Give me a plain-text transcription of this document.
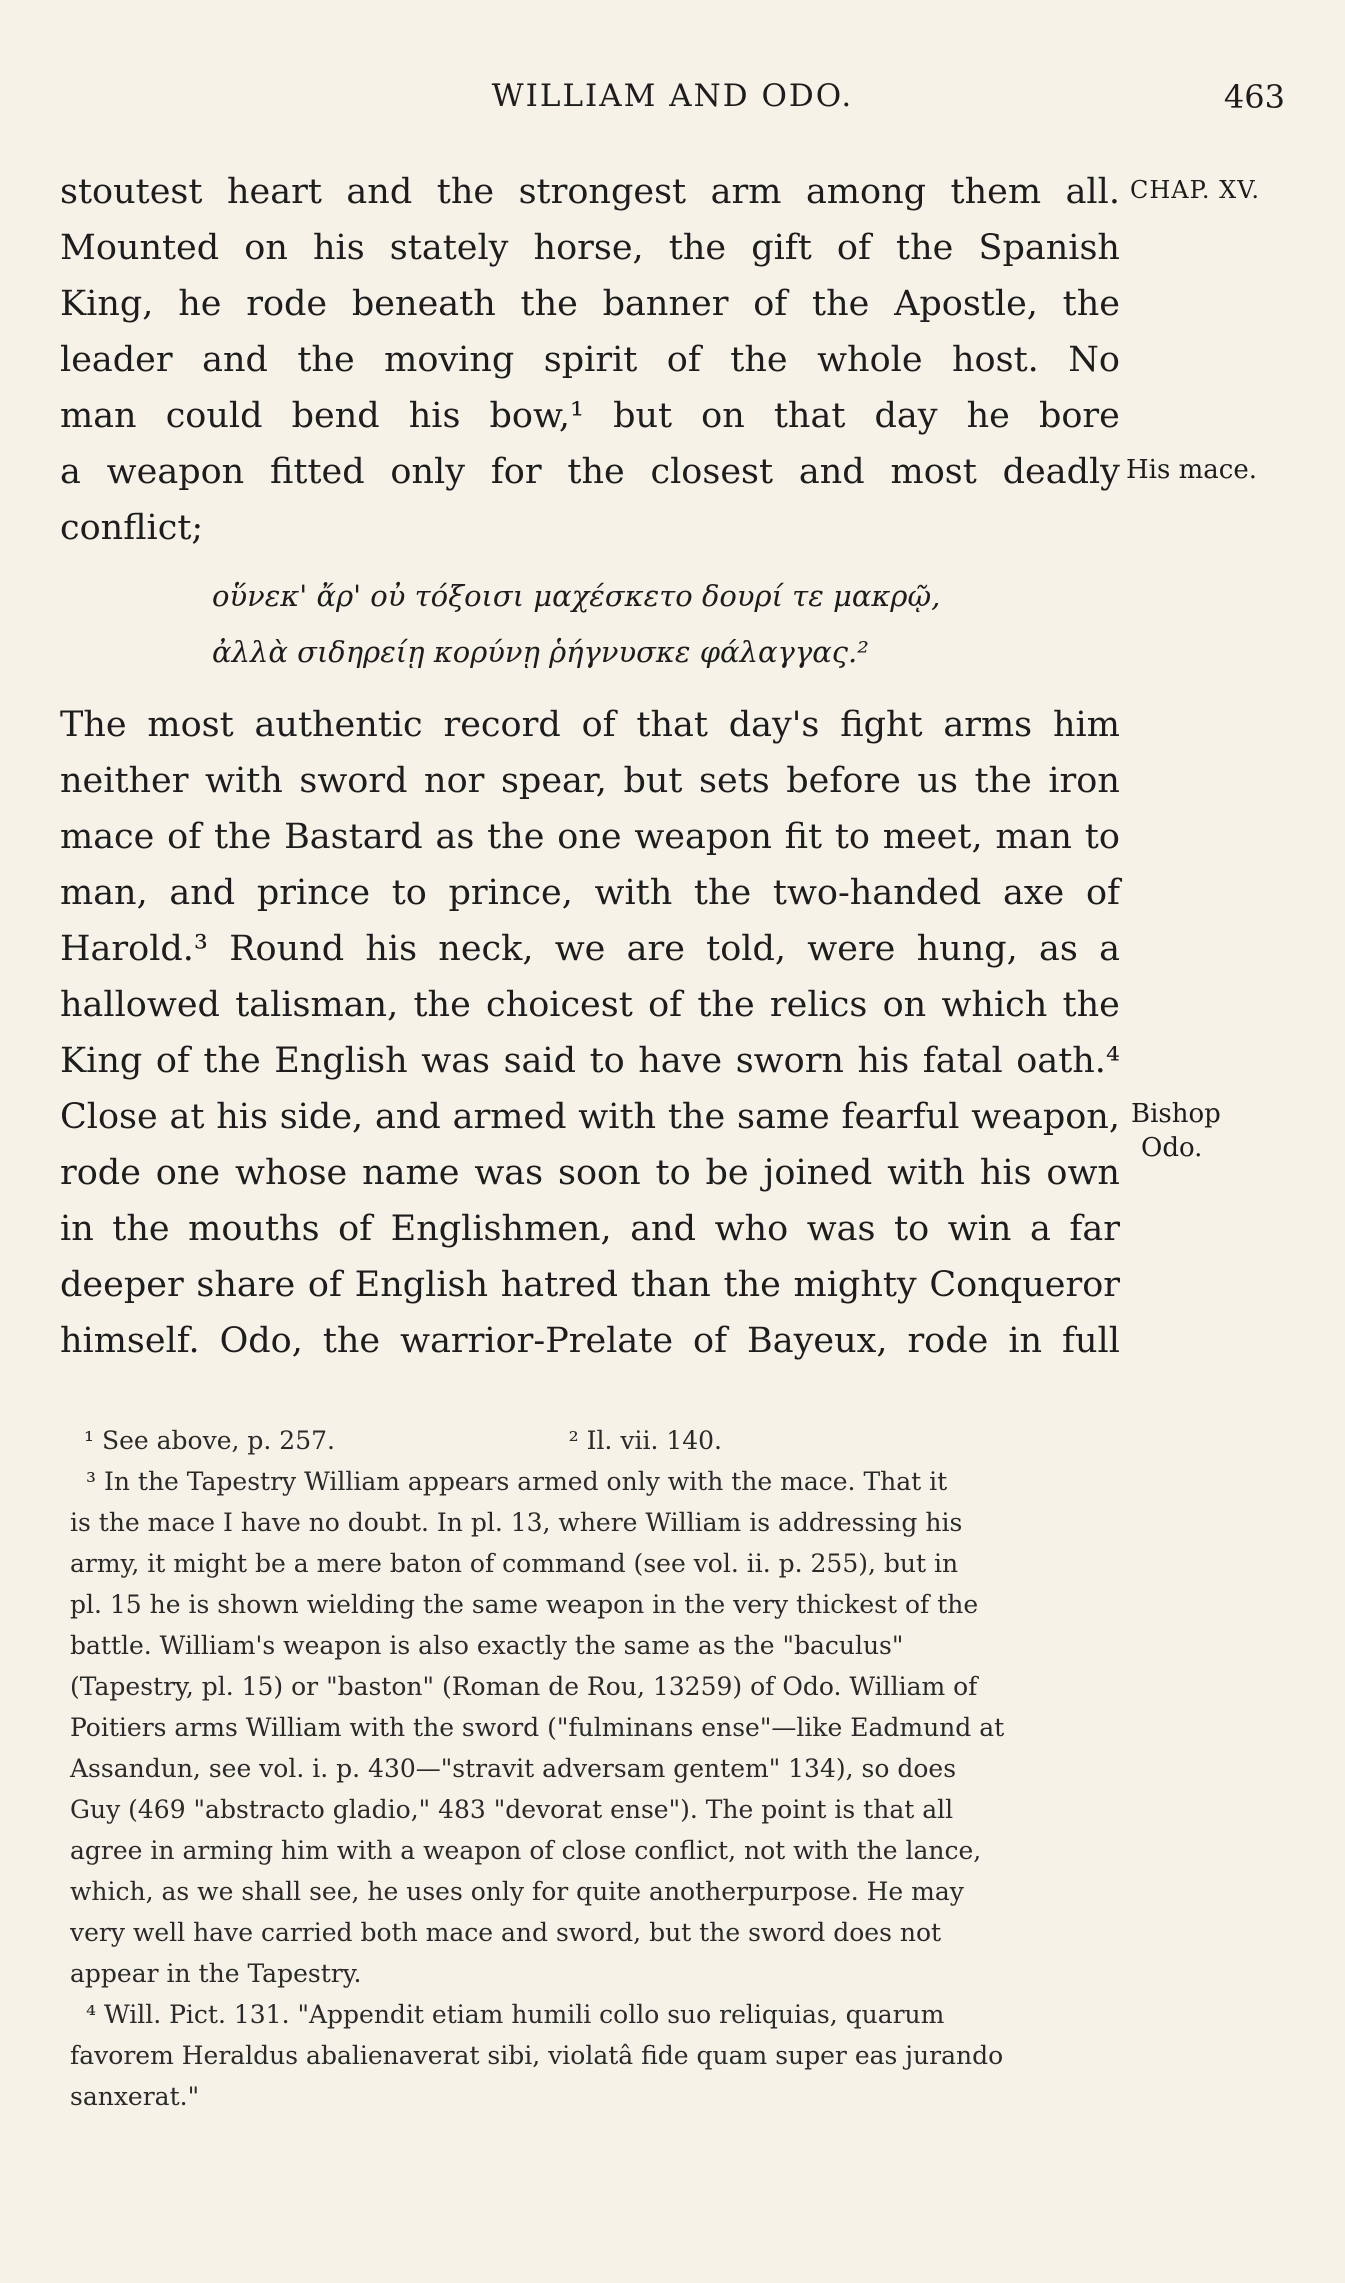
WILLIAM AND ODO.	463
CHAP. XV.
His mace.
Bishop
Odo.
stoutest heart and the strongest arm among them all.
Mounted on his stately horse, the gift of the Spanish
King, he rode beneath the banner of the Apostle, the
leader and the moving spirit of the whole host. No
man could bend his bow,¹ but on that day he bore
a weapon fitted only for the closest and most deadly
conflict;
οὕνεκ' ἄρ' οὐ τόξοισι μαχέσκετο δουρί τε μακρῷ,
ἀλλὰ σιδηρείῃ κορύνῃ ῥήγνυσκε φάλαγγας.²
The most authentic record of that day's fight arms him
neither with sword nor spear, but sets before us the iron
mace of the Bastard as the one weapon fit to meet, man to
man, and prince to prince, with the two-handed axe of
Harold.³ Round his neck, we are told, were hung, as a
hallowed talisman, the choicest of the relics on which the
King of the English was said to have sworn his fatal oath.⁴
Close at his side, and armed with the same fearful weapon,
rode one whose name was soon to be joined with his own
in the mouths of Englishmen, and who was to win a far
deeper share of English hatred than the mighty Conqueror
himself. Odo, the warrior-Prelate of Bayeux, rode in full
¹ See above, p. 257.	² Il. vii. 140.
³ In the Tapestry William appears armed only with the mace. That it
is the mace I have no doubt. In pl. 13, where William is addressing his
army, it might be a mere baton of command (see vol. ii. p. 255), but in
pl. 15 he is shown wielding the same weapon in the very thickest of the
battle. William's weapon is also exactly the same as the "baculus"
(Tapestry, pl. 15) or "baston" (Roman de Rou, 13259) of Odo. William of
Poitiers arms William with the sword ("fulminans ense"—like Eadmund at
Assandun, see vol. i. p. 430—"stravit adversam gentem" 134), so does
Guy (469 "abstracto gladio," 483 "devorat ense"). The point is that all
agree in arming him with a weapon of close conflict, not with the lance,
which, as we shall see, he uses only for quite anotherpurpose. He may
very well have carried both mace and sword, but the sword does not
appear in the Tapestry.
⁴ Will. Pict. 131. "Appendit etiam humili collo suo reliquias, quarum
favorem Heraldus abalienaverat sibi, violatâ fide quam super eas jurando
sanxerat."
